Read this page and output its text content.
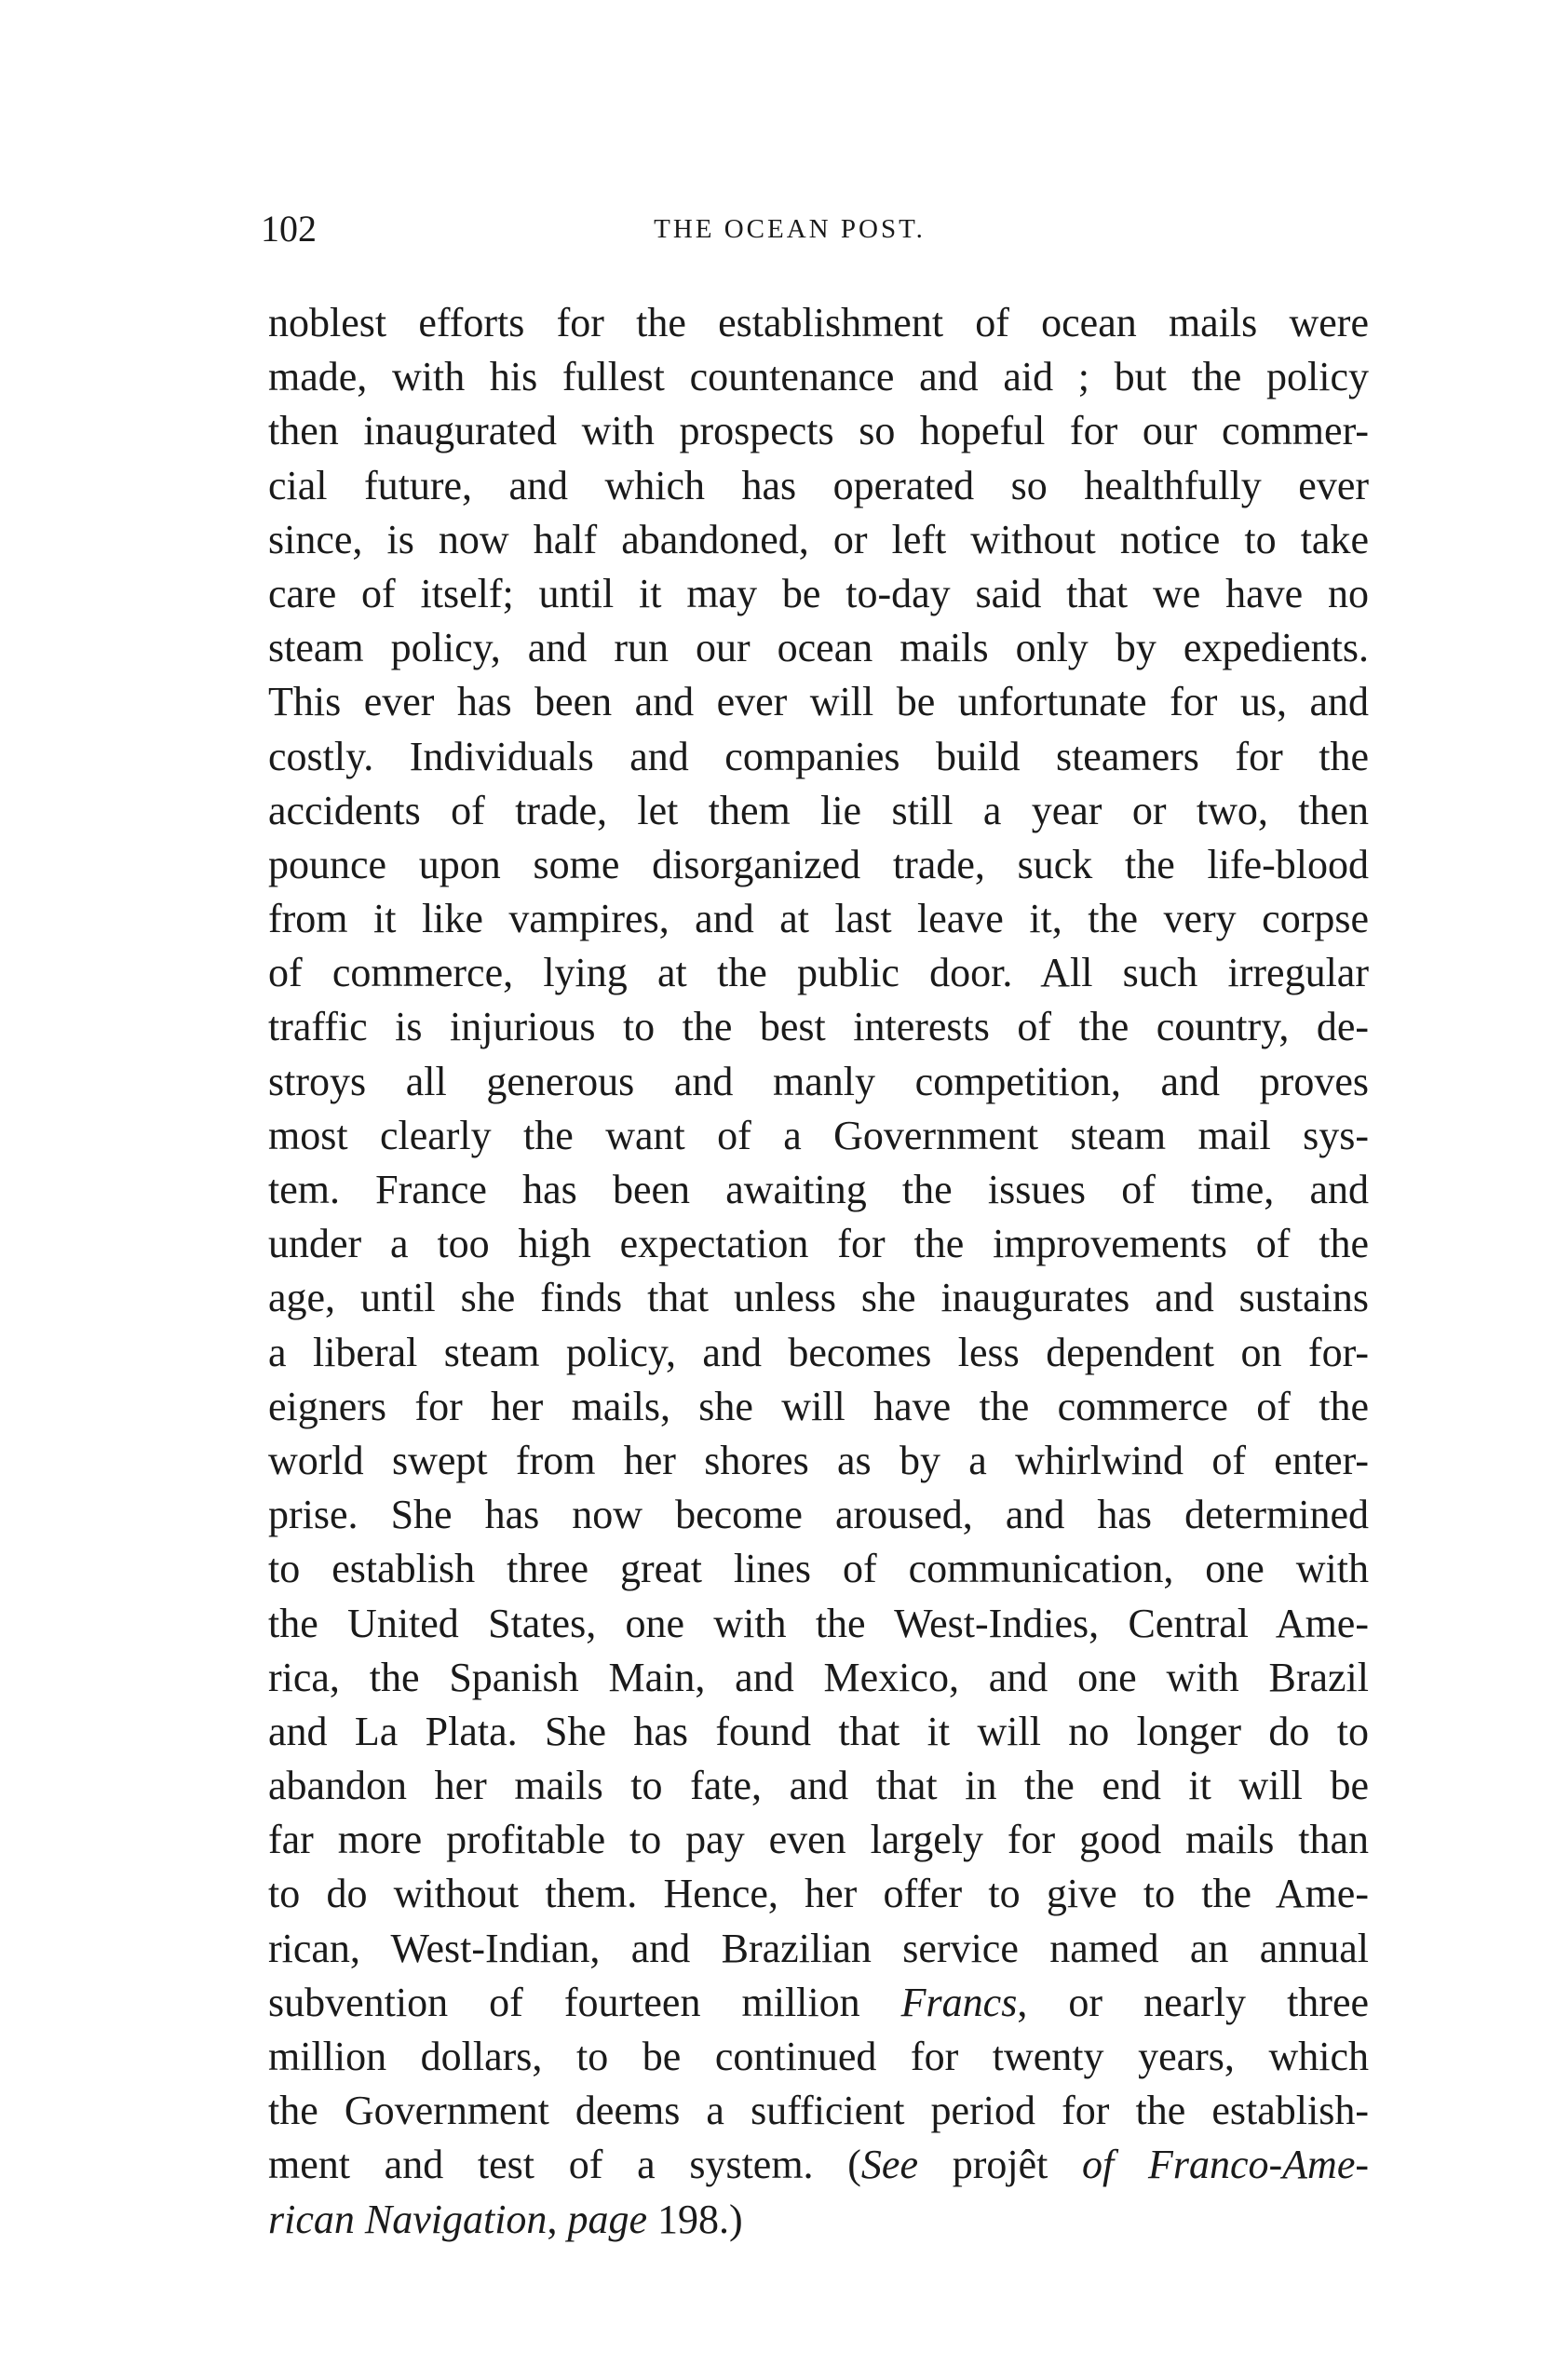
102	THE OCEAN POST.
noblest efforts for the establishment of ocean mails were
made, with his fullest countenance and aid ; but the policy
then inaugurated with prospects so hopeful for our commer-
cial future, and which has operated so healthfully ever
since, is now half abandoned, or left without notice to take
care of itself; until it may be to-day said that we have no
steam policy, and run our ocean mails only by expedients.
This ever has been and ever will be unfortunate for us, and
costly. Individuals and companies build steamers for the
accidents of trade, let them lie still a year or two, then
pounce upon some disorganized trade, suck the life-blood
from it like vampires, and at last leave it, the very corpse
of commerce, lying at the public door. All such irregular
traffic is injurious to the best interests of the country, de-
stroys all generous and manly competition, and proves
most clearly the want of a Government steam mail sys-
tem. France has been awaiting the issues of time, and
under a too high expectation for the improvements of the
age, until she finds that unless she inaugurates and sustains
a liberal steam policy, and becomes less dependent on for-
eigners for her mails, she will have the commerce of the
world swept from her shores as by a whirlwind of enter-
prise. She has now become aroused, and has determined
to establish three great lines of communication, one with
the United States, one with the West-Indies, Central Ame-
rica, the Spanish Main, and Mexico, and one with Brazil
and La Plata. She has found that it will no longer do to
abandon her mails to fate, and that in the end it will be
far more profitable to pay even largely for good mails than
to do without them. Hence, her offer to give to the Ame-
rican, West-Indian, and Brazilian service named an annual
subvention of fourteen million Francs, or nearly three
million dollars, to be continued for twenty years, which
the Government deems a sufficient period for the establish-
ment and test of a system. (See projêt of Franco-Ame-
rican Navigation, page 198.)
